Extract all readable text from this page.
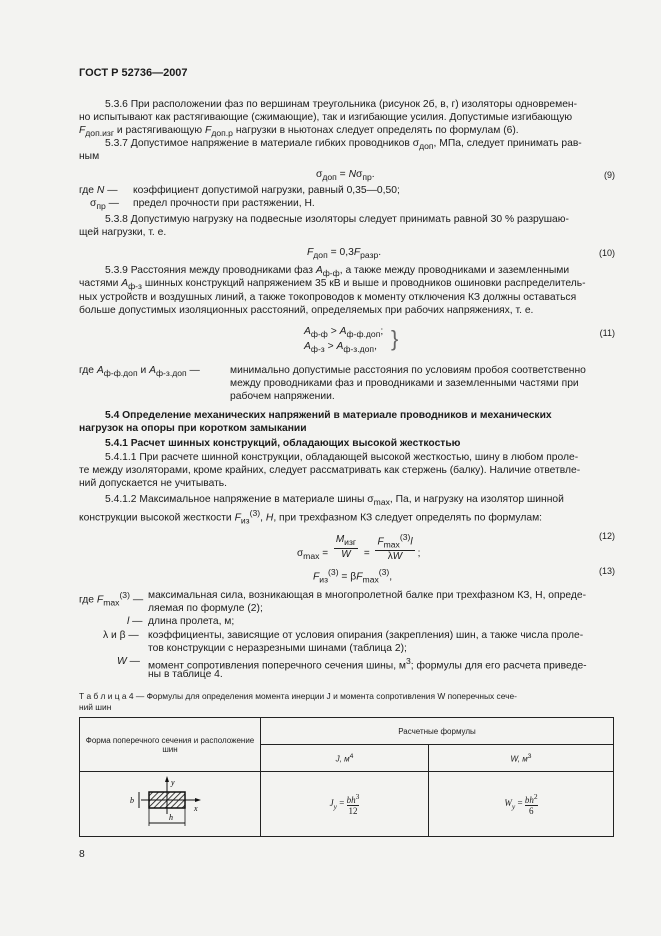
ГОСТ Р 52736—2007
5.3.6 При расположении фаз по вершинам треугольника (рисунок 2б, в, г) изоляторы одновремен-
но испытывают как растягивающие (сжимающие), так и изгибающие усилия. Допустимые изгибающую
$F_{доп.изг}$ и растягивающую $F_{доп.р}$ нагрузки в ньютонах следует определять по формулам (6).
5.3.7 Допустимое напряжение в материале гибких проводников $\sigma_{доп}$, МПа, следует принимать рав-
ным
$\sigma_{доп} = N\sigma_{пр}$.	(9)
где N — коэффициент допустимой нагрузки, равный 0,35—0,50;
$\sigma_{пр}$ — предел прочности при растяжении, Н.
5.3.8 Допустимую нагрузку на подвесные изоляторы следует принимать равной 30 % разрушаю-
щей нагрузки, т. е.
$F_{доп} = 0,3F_{разр}$.	(10)
5.3.9 Расстояния между проводниками фаз $A_{ф-ф}$, а также между проводниками и заземленными
частями $A_{ф-з}$ шинных конструкций напряжением 35 кВ и выше и проводников ошиновки распределитель-
ных устройств и воздушных линий, а также токопроводов к моменту отключения КЗ должны оставаться
больше допустимых изоляционных расстояний, определяемых при рабочих напряжениях, т. е.
$A_{ф-ф} > A_{ф-ф.доп}$;
$A_{ф-з} > A_{ф-з.доп}$, }	(11)
где $A_{ф-ф.доп}$ и $A_{ф-з.доп}$ —	минимально допустимые расстояния по условиям пробоя соответственно
между проводниками фаз и проводниками и заземленными частями при
рабочем напряжении.
5.4 Определение механических напряжений в материале проводников и механических
нагрузок на опоры при коротком замыкании
5.4.1 Расчет шинных конструкций, обладающих высокой жесткостью
5.4.1.1 При расчете шинной конструкции, обладающей высокой жесткостью, шину в любом проле-
те между изоляторами, кроме крайних, следует рассматривать как стержень (балку). Наличие ответвле-
ний допускается не учитывать.
5.4.1.2 Максимальное напряжение в материале шины $\sigma_{max}$, Па, и нагрузку на изолятор шинной
конструкции высокой жесткости $F_{из}^{(3)}$, H, при трехфазном КЗ следует определять по формулам:
$\sigma_{max}$ =
$M_{изг}$
W	=
$F_{max}^{(3)}l$
λW	;
(12)
$F_{из}^{(3)} = \beta F_{max}^{(3)}$,
(13)
где $F_{max}^{(3)}$ — максимальная сила, возникающая в многопролетной балке при трехфазном КЗ, Н, опреде-
ляемая по формуле (2);
l — длина пролета, м;
λ и β — коэффициенты, зависящие от условия опирания (закрепления) шин, а также числа проле-
тов конструкции с неразрезными шинами (таблица 2);
W — момент сопротивления поперечного сечения шины, $м^3$; формулы для его расчета приведе-
ны в таблице 4.
Т а б л и ц а 4 — Формулы для определения момента инерции J и момента сопротивления W поперечных сече-
ний шин
Форма поперечного сечения и расположение шин	Расчетные формулы	
	J, $м^4$	W, $м^3$

y
x
b
h	$J_y = \frac{bh^3}{12}$	$W_y = \frac{bh^2}{6}$
8
